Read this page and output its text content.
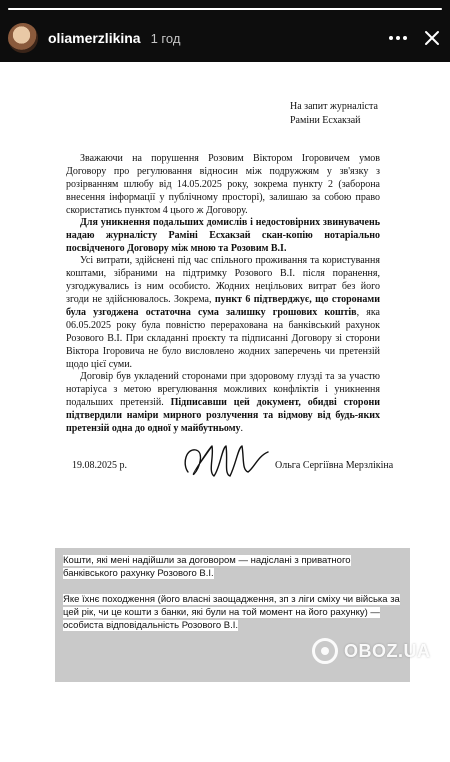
oliamerzlikina 1 год
На запит журналіста
Раміни Есхакзай

Зважаючи на порушення Розовим Віктором Ігоровичем умов Договору про регулювання відносин між подружжям у зв'язку з розірванням шлюбу від 14.05.2025 року, зокрема пункту 2 (заборона внесення інформації у публічному просторі), залишаю за собою право скористатись пунктом 4 цього ж Договору.

Для уникнення подальших домислів і недостовірних звинувачень надаю журналісту Раміні Есхакзай скан-копію нотаріально посвідченого Договору між мною та Розовим В.І.

Усі витрати, здійснені під час спільного проживання та користування коштами, зібраними на підтримку Розового В.І. після поранення, узгоджувались із ним особисто. Жодних нецільових витрат без його згоди не здійснювалось. Зокрема, пункт 6 підтверджує, що сторонами була узгоджена остаточна сума залишку грошових коштів, яка 06.05.2025 року була повністю перерахована на банківський рахунок Розового В.І. При складанні проєкту та підписанні Договору зі сторони Віктора Ігоровича не було висловлено жодних заперечень чи претензій щодо цієї суми.

Договір був укладений сторонами при здоровому глузді та за участю нотаріуса з метою врегулювання можливих конфліктів і уникнення подальших претензій. Підписавши цей документ, обидві сторони підтвердили наміри мирного розлучення та відмову від будь-яких претензій одна до одної у майбутньому.

19.08.2025 р.	Ольга Сергіївна Мерзлікіна

Кошти, які мені надійшли за договором — надіслані з приватного банківського рахунку Розового В.І.

Яке їхнє походження (його власні заощадження, зп з ліги сміху чи війська за цей рік, чи це кошти з банки, які були на той момент на його рахунку) — особиста відповідальність Розового В.І.

OBOZ.UA
